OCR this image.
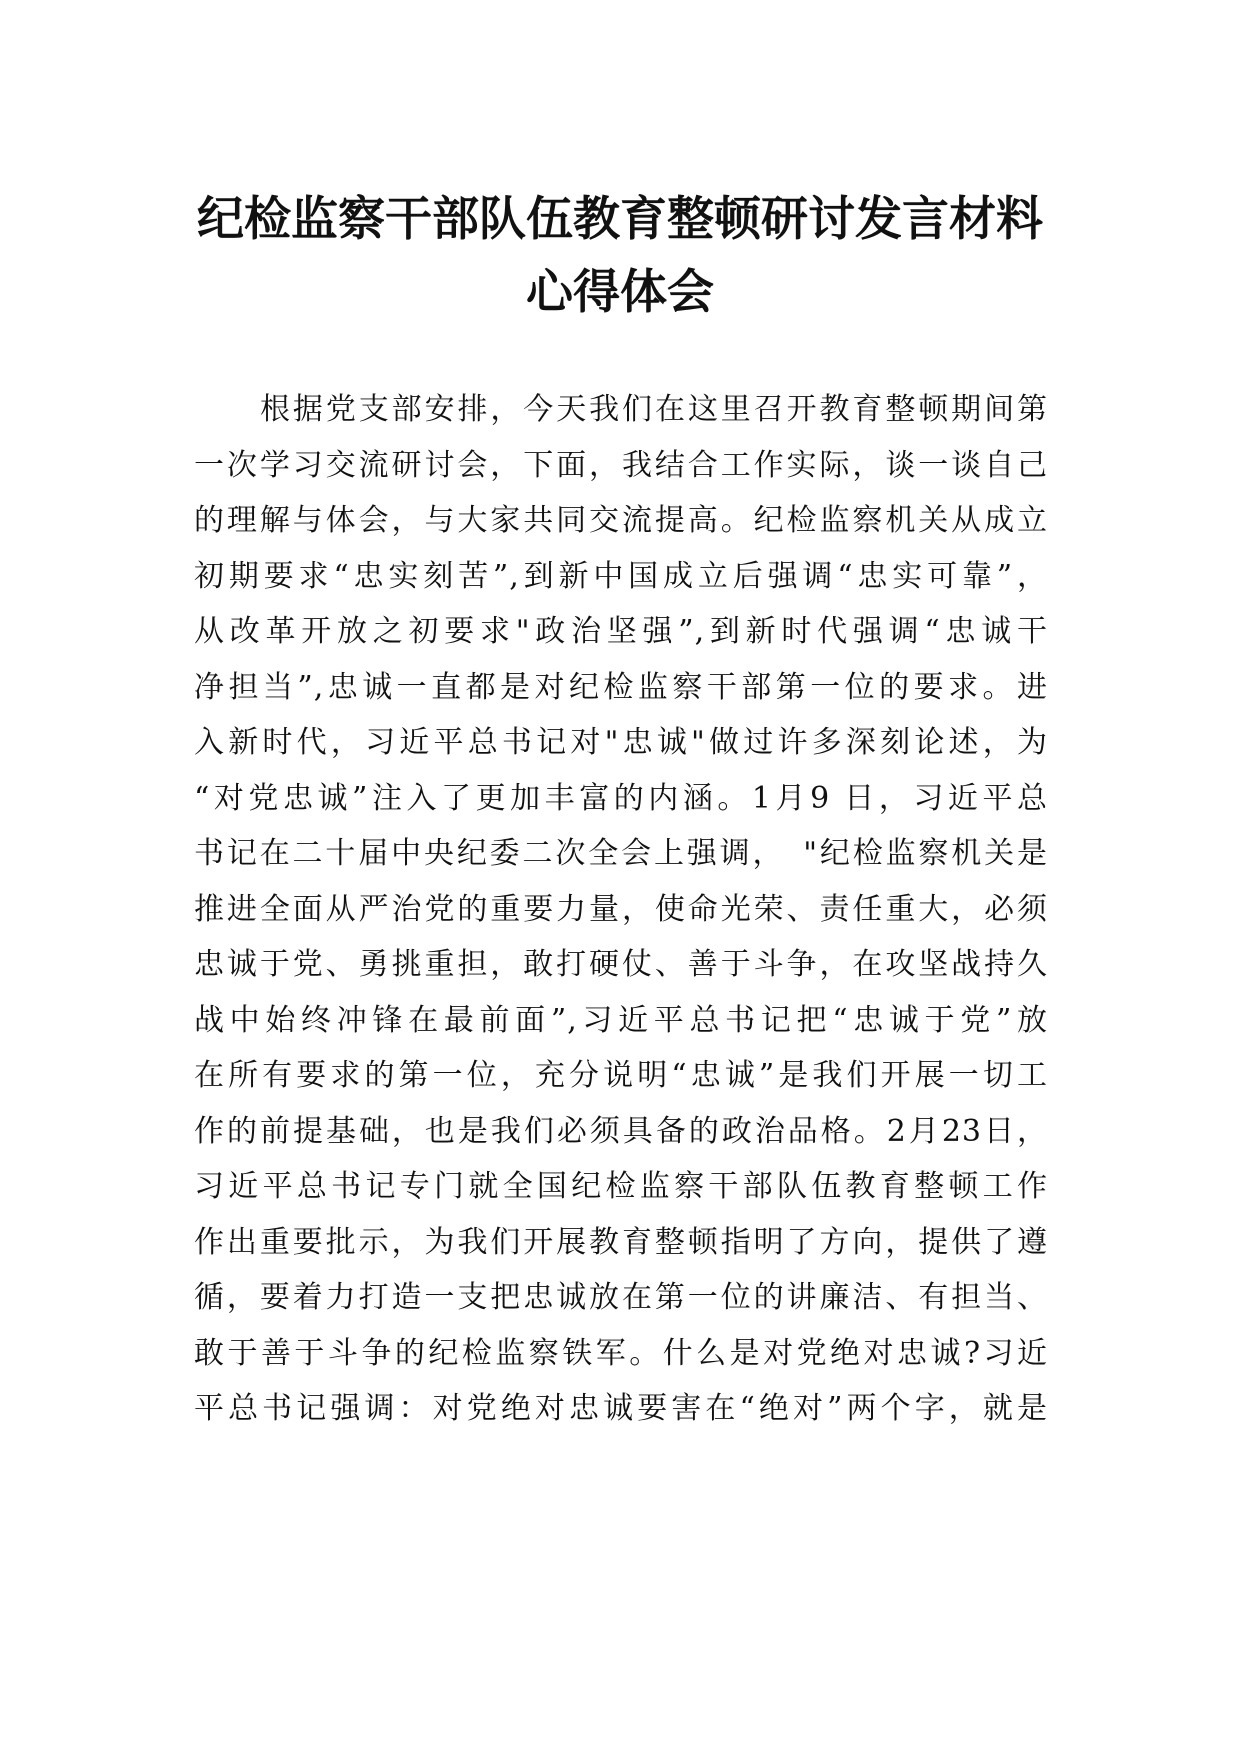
纪检监察干部队伍教育整顿研讨发言材料
心得体会
根据党支部安排，今天我们在这里召开教育整顿期间第
一次学习交流研讨会，下面，我结合工作实际，谈一谈自己
的理解与体会，与大家共同交流提高。纪检监察机关从成立
初期要求“忠实刻苦”,到新中国成立后强调“忠实可靠”，
从改革开放之初要求"政治坚强”,到新时代强调“忠诚干
净担当”,忠诚一直都是对纪检监察干部第一位的要求。进
入新时代，习近平总书记对"忠诚"做过许多深刻论述，为
“对党忠诚”注入了更加丰富的内涵。1月9 日，习近平总
书记在二十届中央纪委二次全会上强调，　"纪检监察机关是
推进全面从严治党的重要力量，使命光荣、责任重大，必须
忠诚于党、勇挑重担，敢打硬仗、善于斗争，在攻坚战持久
战中始终冲锋在最前面”,习近平总书记把“忠诚于党”放
在所有要求的第一位，充分说明“忠诚”是我们开展一切工
作的前提基础，也是我们必须具备的政治品格。2月23日，
习近平总书记专门就全国纪检监察干部队伍教育整顿工作
作出重要批示，为我们开展教育整顿指明了方向，提供了遵
循，要着力打造一支把忠诚放在第一位的讲廉洁、有担当、
敢于善于斗争的纪检监察铁军。什么是对党绝对忠诚?习近
平总书记强调：对党绝对忠诚要害在“绝对”两个字，就是
